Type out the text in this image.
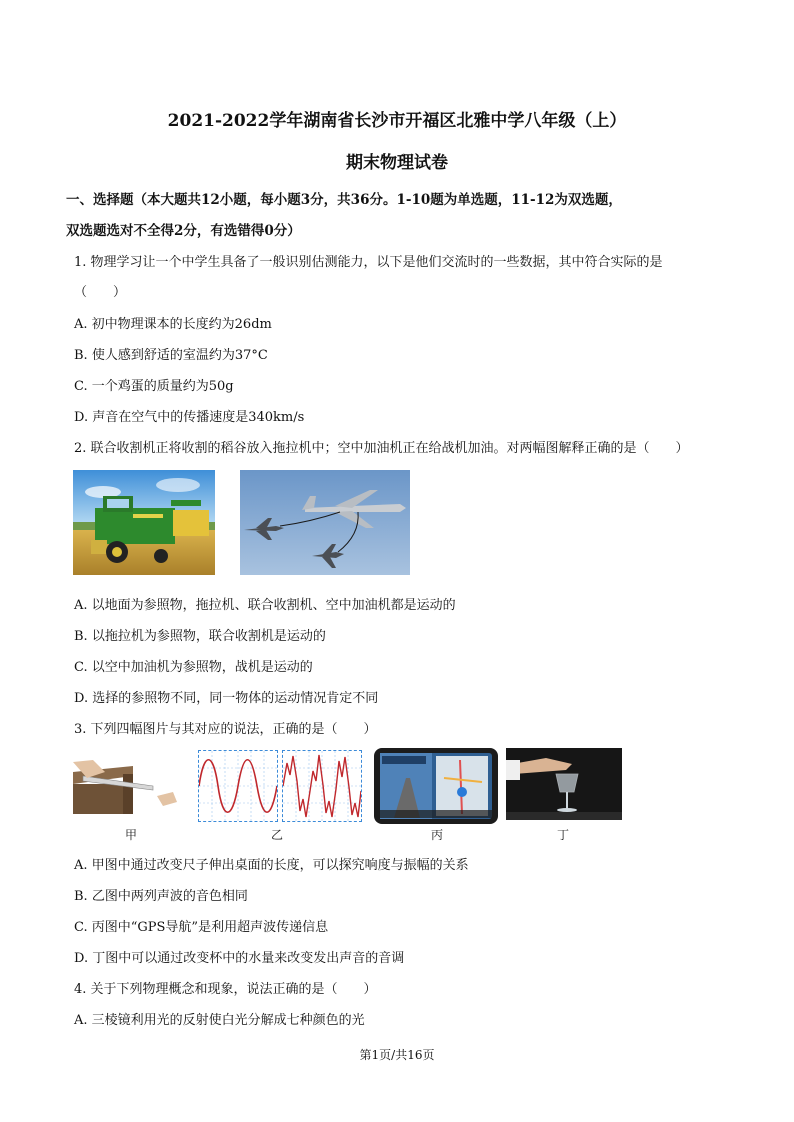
2021-2022学年湖南省长沙市开福区北雅中学八年级（上）
期末物理试卷
一、选择题（本大题共12小题，每小题3分，共36分。1-10题为单选题，11-12为双选题，
双选题选对不全得2分，有选错得0分）
1. 物理学习让一个中学生具备了一般识别估测能力，以下是他们交流时的一些数据，其中符合实际的是
（　　）
A. 初中物理课本的长度约为26dm
B. 使人感到舒适的室温约为37°C
C. 一个鸡蛋的质量约为50g
D. 声音在空气中的传播速度是340km/s
2. 联合收割机正将收割的稻谷放入拖拉机中；空中加油机正在给战机加油。对两幅图解释正确的是（　　）
A. 以地面为参照物，拖拉机、联合收割机、空中加油机都是运动的
B. 以拖拉机为参照物，联合收割机是运动的
C. 以空中加油机为参照物，战机是运动的
D. 选择的参照物不同，同一物体的运动情况肯定不同
3. 下列四幅图片与其对应的说法，正确的是（　　）
甲	乙	丙	丁
A. 甲图中通过改变尺子伸出桌面的长度，可以探究响度与振幅的关系
B. 乙图中两列声波的音色相同
C. 丙图中“GPS导航”是利用超声波传递信息
D. 丁图中可以通过改变杯中的水量来改变发出声音的音调
4. 关于下列物理概念和现象，说法正确的是（　　）
A. 三棱镜利用光的反射使白光分解成七种颜色的光
第1页/共16页
